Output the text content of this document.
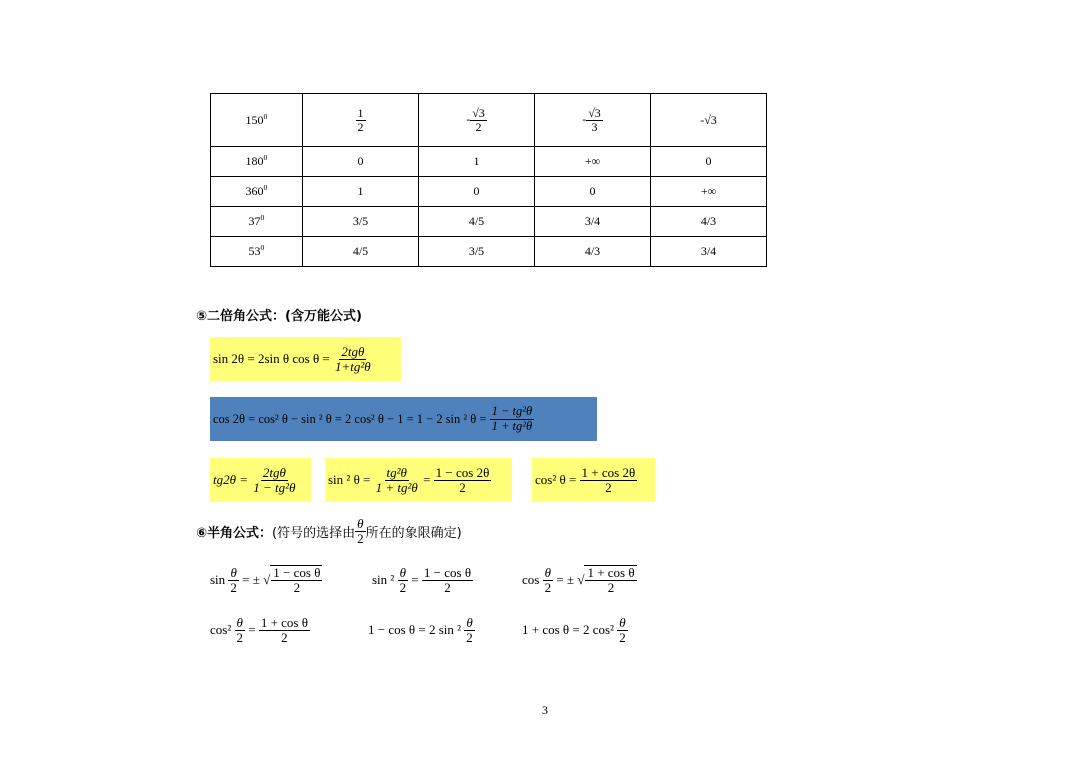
$150^0$	$\frac{1}{2}$	- $\frac{√3}{2}$	- $\frac{√3}{3}$	-√3
$180^0$	0	1	+∞	0
$360^0$	1	0	0	+∞
$37^0$	3/5	4/5	3/4	4/3
$53^0$	4/5	3/5	4/3	3/4
⑤二倍角公式：(含万能公式)
sin 2θ = 2sin θ cos θ =
$\frac{\text{2tgθ}}{\text{1+tg²θ}}$
cos 2θ = cos² θ − sin ² θ = 2 cos² θ − 1 = 1 − 2 sin ² θ =
$\frac{\text{1 − tg²θ}}{\text{1 + tg²θ}}$
tg2θ =
$\frac{\text{2tgθ}}{\text{1 − tg²θ}}$ sin ² θ =
$\frac{\text{tg²θ}}{\text{1 + tg²θ}}$
=
$\frac{1 - \cos 2\theta}{2}$	cos² θ =
$\frac{1 + \cos 2\theta}{2}$
⑥半角公式： (符号的选择由 $\frac{\theta}{2}$ 所在的象限确定)
sin
$\frac{\theta}{2}$
= ± √ $\frac{\text{1 − cos θ}}{2}$	sin ²
$\frac{\theta}{2}$
=
$\frac{\text{1 − cos θ}}{2}$	cos
$\frac{\theta}{2}$
= ± √ $\frac{\text{1 + cos θ}}{2}$
cos²
$\frac{\theta}{2}$
=
$\frac{\text{1 + cos θ}}{2}$	1 − cos θ = 2 sin ²
$\frac{\theta}{2}$	1 + cos θ = 2 cos²
$\frac{\theta}{2}$
3
